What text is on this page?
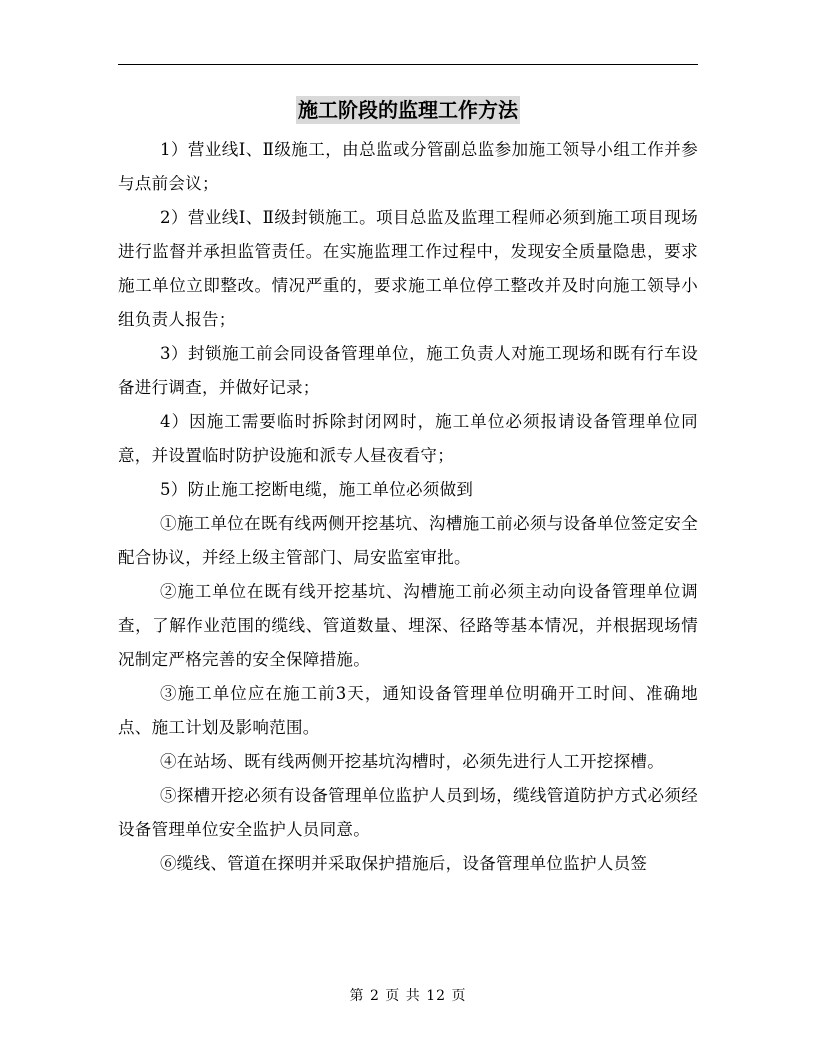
施工阶段的监理工作方法

1）营业线Ⅰ、Ⅱ级施工，由总监或分管副总监参加施工领导小组工作并参与点前会议；

2）营业线Ⅰ、Ⅱ级封锁施工。项目总监及监理工程师必须到施工项目现场进行监督并承担监管责任。在实施监理工作过程中，发现安全质量隐患，要求施工单位立即整改。情况严重的，要求施工单位停工整改并及时向施工领导小组负责人报告；

3）封锁施工前会同设备管理单位，施工负责人对施工现场和既有行车设备进行调查，并做好记录；

4）因施工需要临时拆除封闭网时，施工单位必须报请设备管理单位同意，并设置临时防护设施和派专人昼夜看守；

5）防止施工挖断电缆，施工单位必须做到

①施工单位在既有线两侧开挖基坑、沟槽施工前必须与设备单位签定安全配合协议，并经上级主管部门、局安监室审批。

②施工单位在既有线开挖基坑、沟槽施工前必须主动向设备管理单位调查，了解作业范围的缆线、管道数量、埋深、径路等基本情况，并根据现场情况制定严格完善的安全保障措施。

③施工单位应在施工前3天，通知设备管理单位明确开工时间、准确地点、施工计划及影响范围。

④在站场、既有线两侧开挖基坑沟槽时，必须先进行人工开挖探槽。

⑤探槽开挖必须有设备管理单位监护人员到场，缆线管道防护方式必须经设备管理单位安全监护人员同意。

⑥缆线、管道在探明并采取保护措施后，设备管理单位监护人员签

第 2 页 共 12 页
